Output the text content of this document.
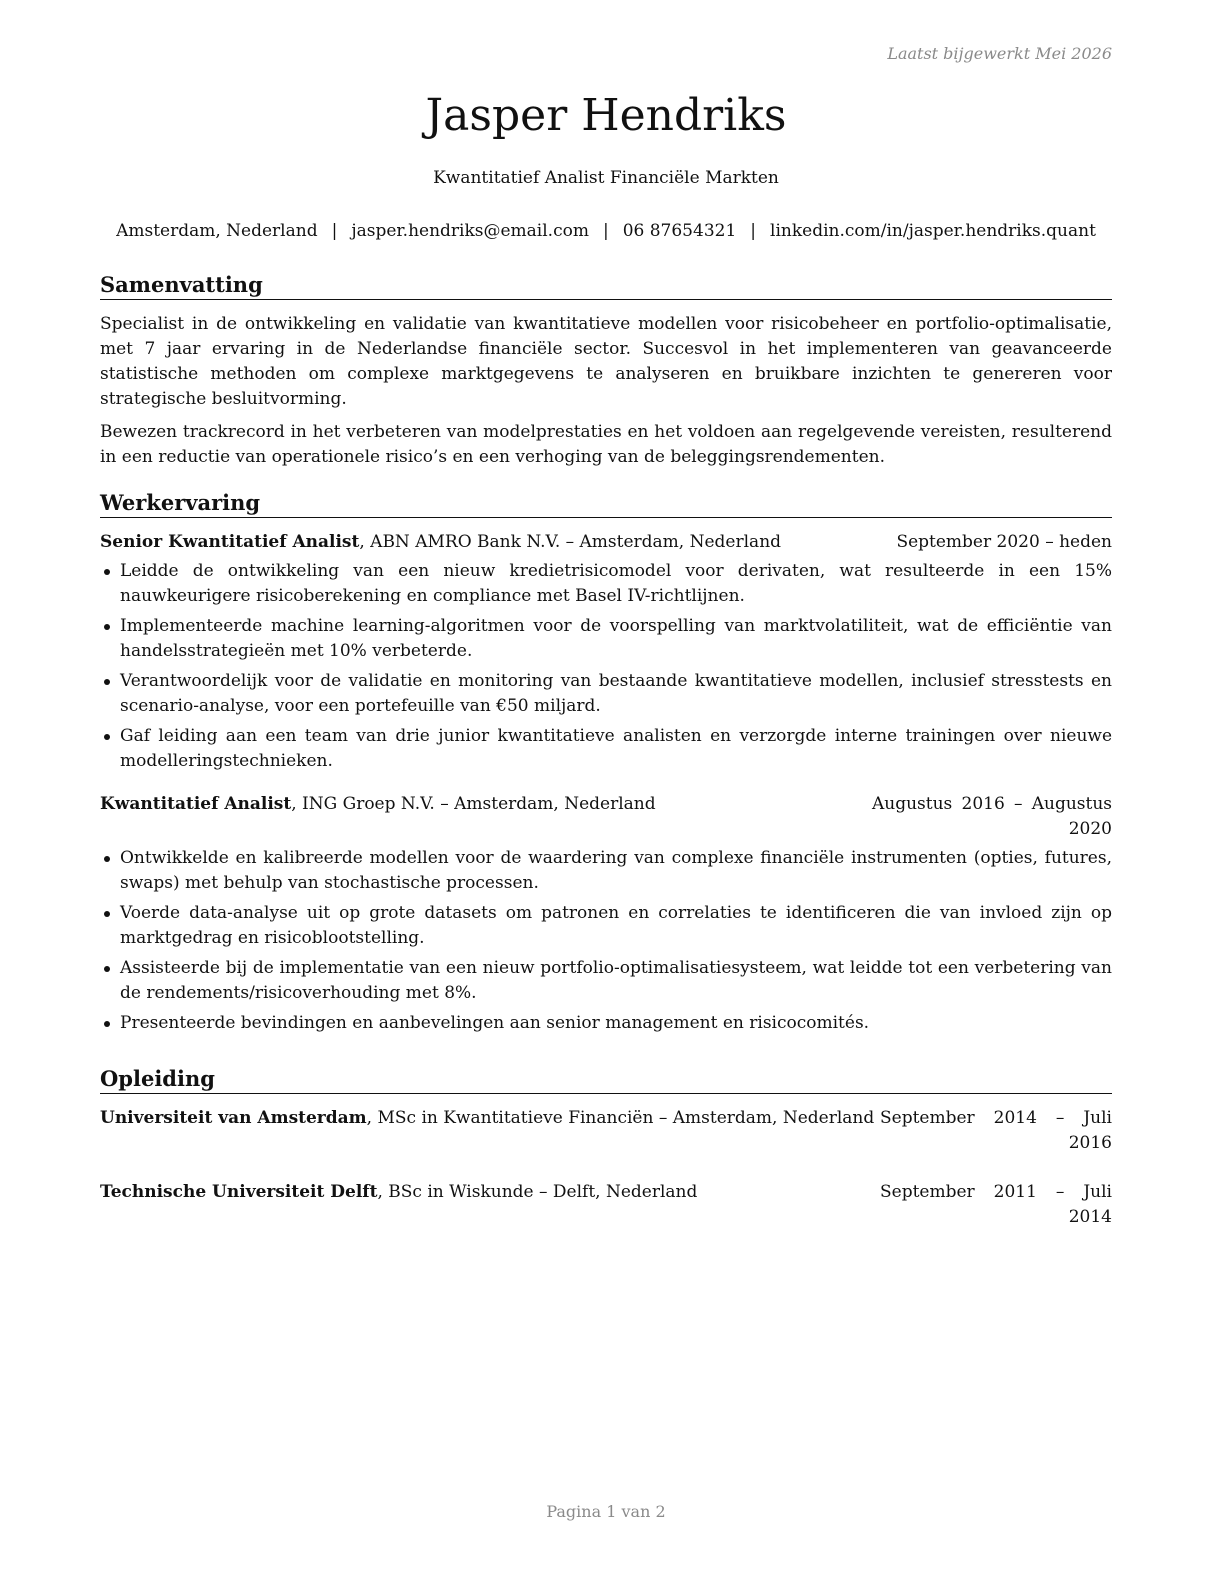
Laatst bijgewerkt Mei 2026
Jasper Hendriks
Kwantitatief Analist Financiële Markten
Amsterdam, Nederland | jasper.hendriks@email.com | 06 87654321 | linkedin.com/in/jasper.hendriks.quant
Samenvatting

Specialist in de ontwikkeling en validatie van kwantitatieve modellen voor risicobeheer en portfolio-optimalisatie, met 7 jaar ervaring in de Nederlandse financiële sector. Succesvol in het implementeren van geavanceerde statistische methoden om complexe marktgegevens te analyseren en bruikbare inzichten te genereren voor strategische besluitvorming.

Bewezen trackrecord in het verbeteren van modelprestaties en het voldoen aan regelgevende vereisten, resulterend in een reductie van operationele risico’s en een verhoging van de beleggingsrendementen.

Werkervaring
Senior Kwantitatief Analist, ABN AMRO Bank N.V. – Amsterdam, Nederland	September 2020 – heden
Leidde de ontwikkeling van een nieuw kredietrisicomodel voor derivaten, wat resulteerde in een 15% nauwkeurigere risicoberekening en compliance met Basel IV-richtlijnen.
Implementeerde machine learning-algoritmen voor de voorspelling van marktvolatiliteit, wat de efficiëntie van handelsstrategieën met 10% verbeterde.
Verantwoordelijk voor de validatie en monitoring van bestaande kwantitatieve modellen, inclusief stresstests en scenario-analyse, voor een portefeuille van €50 miljard.
Gaf leiding aan een team van drie junior kwantitatieve analisten en verzorgde interne trainingen over nieuwe modelleringstechnieken.
Kwantitatief Analist, ING Groep N.V. – Amsterdam, Nederland	Augustus 2016 – Augustus 2020
Ontwikkelde en kalibreerde modellen voor de waardering van complexe financiële instrumenten (opties, futures, swaps) met behulp van stochastische processen.
Voerde data-analyse uit op grote datasets om patronen en correlaties te identificeren die van invloed zijn op marktgedrag en risicoblootstelling.
Assisteerde bij de implementatie van een nieuw portfolio-optimalisatiesysteem, wat leidde tot een verbetering van de rendements/risicoverhouding met 8%.
Presenteerde bevindingen en aanbevelingen aan senior management en risicocomités.
Opleiding
Universiteit van Amsterdam, MSc in Kwantitatieve Financiën – Amsterdam, Nederland September 2014 – Juli 2016
Technische Universiteit Delft, BSc in Wiskunde – Delft, Nederland	September 2011 – Juli 2014
Pagina 1 van 2
